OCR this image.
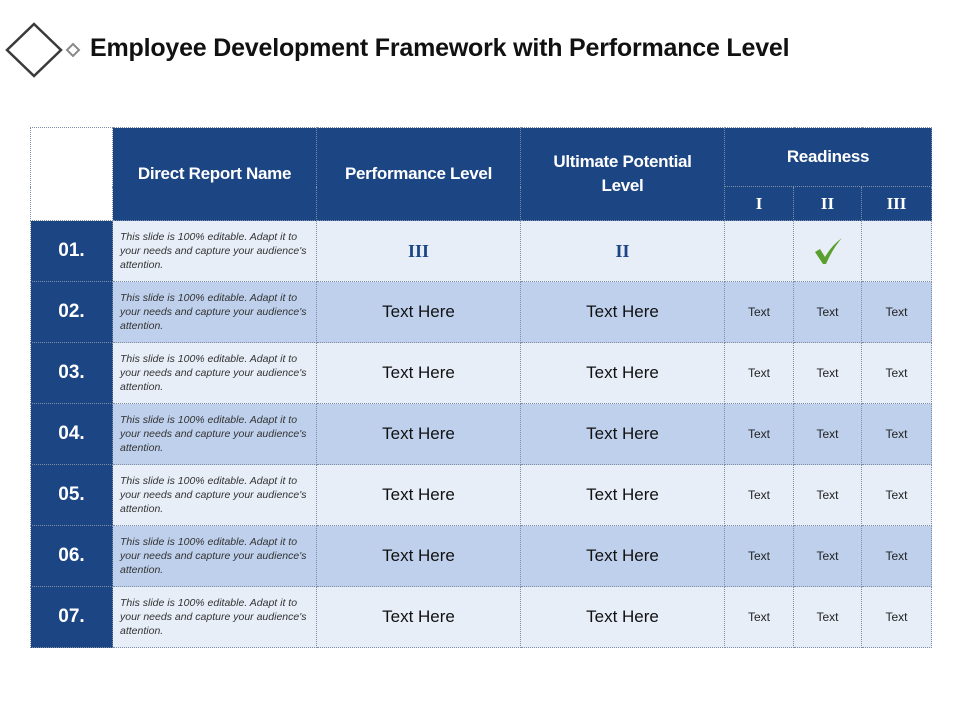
Employee Development Framework with Performance Level
	Direct Report Name	Performance Level	Ultimate Potential Level	Readiness		
				I	II	III
01.	This slide is 100% editable. Adapt it to your needs and capture your audience's attention.	III	II		

02.	This slide is 100% editable. Adapt it to your needs and capture your audience's attention.	Text Here	Text Here	Text	Text	Text
03.	This slide is 100% editable. Adapt it to your needs and capture your audience's attention.	Text Here	Text Here	Text	Text	Text
04.	This slide is 100% editable. Adapt it to your needs and capture your audience's attention.	Text Here	Text Here	Text	Text	Text
05.	This slide is 100% editable. Adapt it to your needs and capture your audience's attention.	Text Here	Text Here	Text	Text	Text
06.	This slide is 100% editable. Adapt it to your needs and capture your audience's attention.	Text Here	Text Here	Text	Text	Text
07.	This slide is 100% editable. Adapt it to your needs and capture your audience's attention.	Text Here	Text Here	Text	Text	Text
